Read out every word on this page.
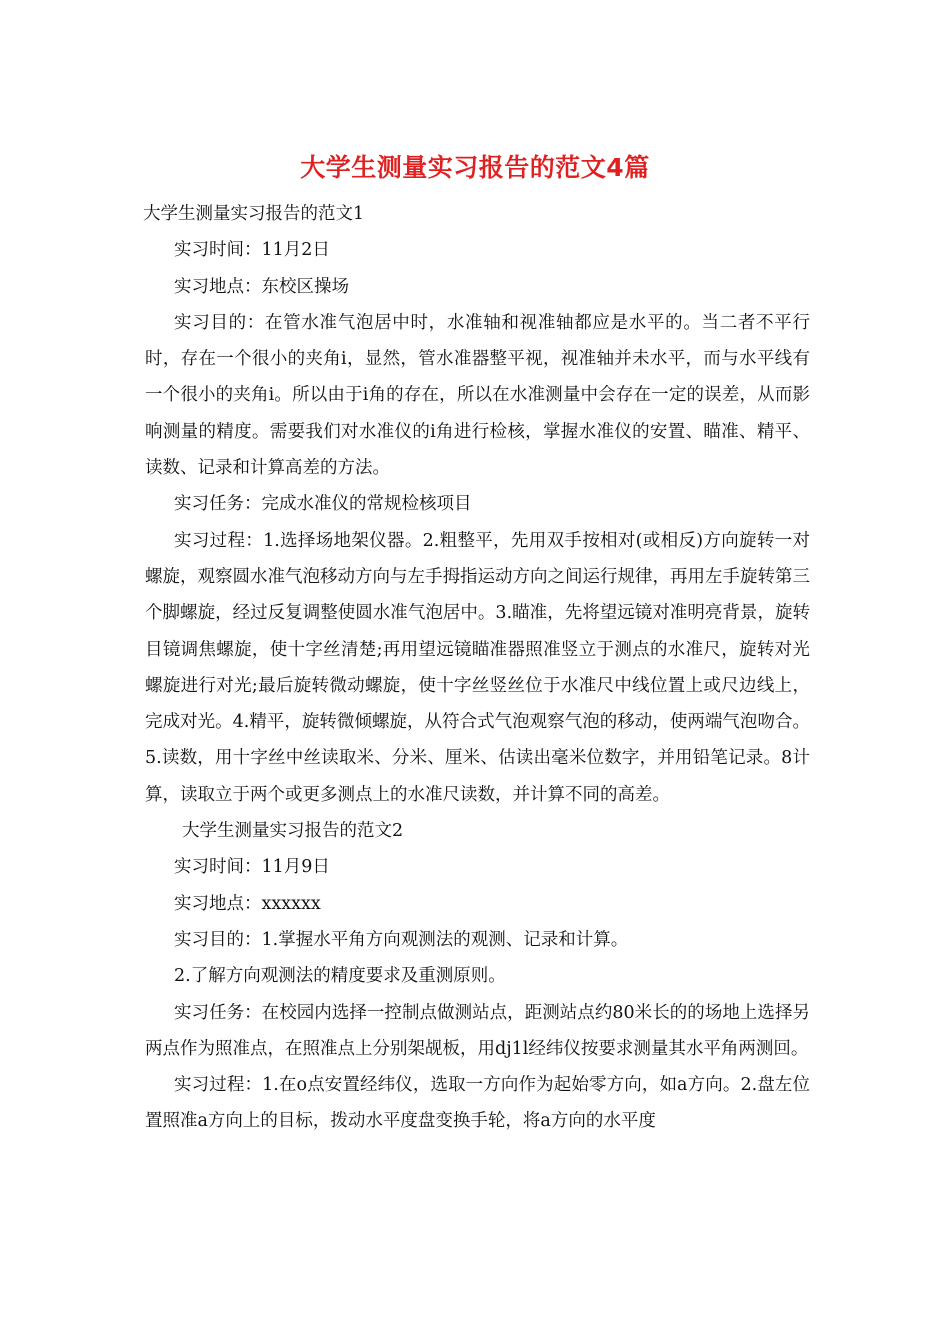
大学生测量实习报告的范文4篇

大学生测量实习报告的范文1

实习时间：11月2日

实习地点：东校区操场

实习目的：在管水准气泡居中时，水准轴和视准轴都应是水平的。当二者不平行时，存在一个很小的夹角i，显然，管水准器整平视，视准轴并未水平，而与水平线有一个很小的夹角i。所以由于i角的存在，所以在水准测量中会存在一定的误差，从而影响测量的精度。需要我们对水准仪的i角进行检核，掌握水准仪的安置、瞄准、精平、读数、记录和计算高差的方法。

实习任务：完成水准仪的常规检核项目

实习过程：1.选择场地架仪器。2.粗整平，先用双手按相对(或相反)方向旋转一对螺旋，观察圆水准气泡移动方向与左手拇指运动方向之间运行规律，再用左手旋转第三个脚螺旋，经过反复调整使圆水准气泡居中。3.瞄准，先将望远镜对准明亮背景，旋转目镜调焦螺旋，使十字丝清楚;再用望远镜瞄准器照准竖立于测点的水准尺，旋转对光螺旋进行对光;最后旋转微动螺旋，使十字丝竖丝位于水准尺中线位置上或尺边线上，完成对光。4.精平，旋转微倾螺旋，从符合式气泡观察气泡的移动，使两端气泡吻合。5.读数，用十字丝中丝读取米、分米、厘米、估读出毫米位数字，并用铅笔记录。8计算，读取立于两个或更多测点上的水准尺读数，并计算不同的高差。

大学生测量实习报告的范文2

实习时间：11月9日

实习地点：xxxxxx

实习目的：1.掌握水平角方向观测法的观测、记录和计算。

2.了解方向观测法的精度要求及重测原则。

实习任务：在校园内选择一控制点做测站点，距测站点约80米长的的场地上选择另两点作为照准点，在照准点上分别架觇板，用dj1l经纬仪按要求测量其水平角两测回。

实习过程：1.在o点安置经纬仪，选取一方向作为起始零方向，如a方向。2.盘左位置照准a方向上的目标，拨动水平度盘变换手轮，将a方向的水平度
